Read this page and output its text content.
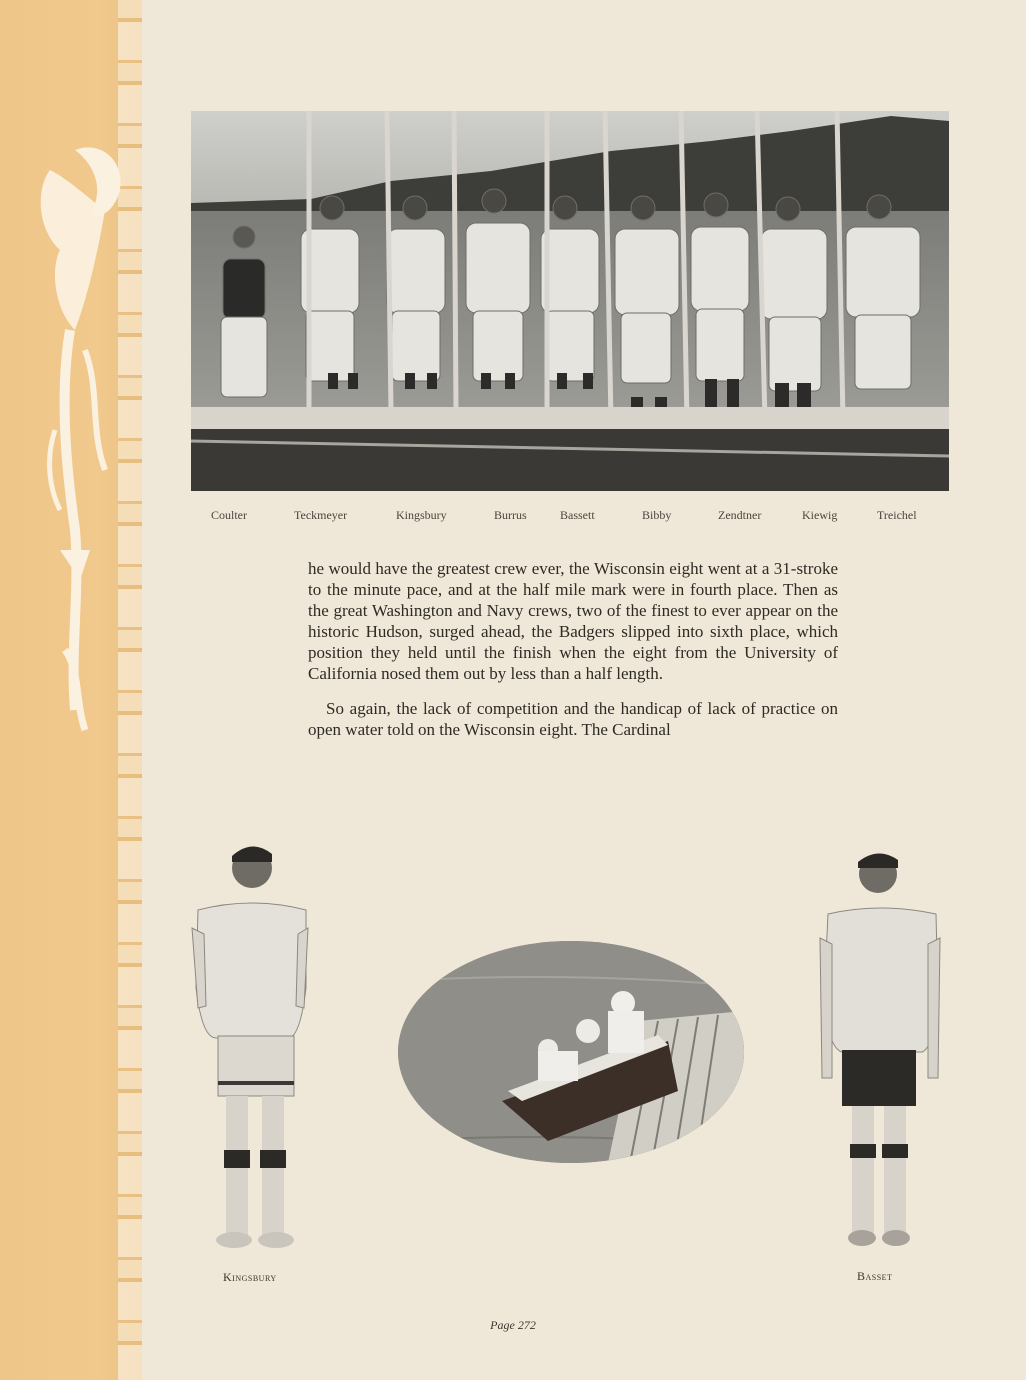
Coulter	Teckmeyer	Kingsbury	Burrus	Bassett	Bibby	Zendtner	Kiewig	Treichel

he would have the greatest crew ever, the Wisconsin eight went at a 31-stroke to the minute pace, and at the half mile mark were in fourth place. Then as the great Washington and Navy crews, two of the finest to ever appear on the historic Hudson, surged ahead, the Badgers slipped into sixth place, which position they held until the finish when the eight from the University of California nosed them out by less than a half length.

So again, the lack of competition and the handicap of lack of practice on open water told on the Wisconsin eight. The Cardinal

Kingsbury	Basset
Page 272
